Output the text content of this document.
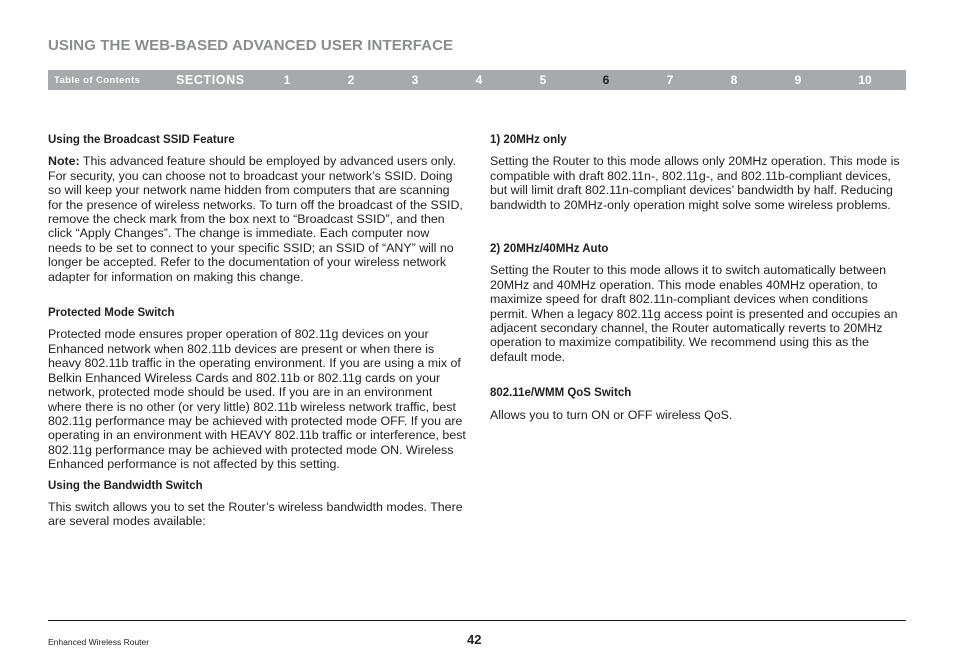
USING THE WEB-BASED ADVANCED USER INTERFACE
Table of Contents	SECTIONS	1	2	3	4	5	6	7	8	9	10
Using the Broadcast SSID Feature

Note: This advanced feature should be employed by advanced users only. For security, you can choose not to broadcast your network’s SSID. Doing so will keep your network name hidden from computers that are scanning for the presence of wireless networks. To turn off the broadcast of the SSID, remove the check mark from the box next to “Broadcast SSID”, and then click “Apply Changes”. The change is immediate. Each computer now needs to be set to connect to your specific SSID; an SSID of “ANY” will no longer be accepted. Refer to the documentation of your wireless network adapter for information on making this change.

Protected Mode Switch

Protected mode ensures proper operation of 802.11g devices on your Enhanced network when 802.11b devices are present or when there is heavy 802.11b traffic in the operating environment. If you are using a mix of Belkin Enhanced Wireless Cards and 802.11b or 802.11g cards on your network, protected mode should be used. If you are in an environment where there is no other (or very little) 802.11b wireless network traffic, best 802.11g performance may be achieved with protected mode OFF. If you are operating in an environment with HEAVY 802.11b traffic or interference, best 802.11g performance may be achieved with protected mode ON. Wireless Enhanced performance is not affected by this setting.

Using the Bandwidth Switch

This switch allows you to set the Router’s wireless bandwidth modes. There are several modes available:

1) 20MHz only

Setting the Router to this mode allows only 20MHz operation. This mode is compatible with draft 802.11n-, 802.11g-, and 802.11b-compliant devices, but will limit draft 802.11n-compliant devices’ bandwidth by half. Reducing bandwidth to 20MHz-only operation might solve some wireless problems.

2) 20MHz/40MHz Auto

Setting the Router to this mode allows it to switch automatically between 20MHz and 40MHz operation. This mode enables 40MHz operation, to maximize speed for draft 802.11n-compliant devices when conditions permit. When a legacy 802.11g access point is presented and occupies an adjacent secondary channel, the Router automatically reverts to 20MHz operation to maximize compatibility. We recommend using this as the default mode.

802.11e/WMM QoS Switch

Allows you to turn ON or OFF wireless QoS.

Enhanced Wireless Router	42
